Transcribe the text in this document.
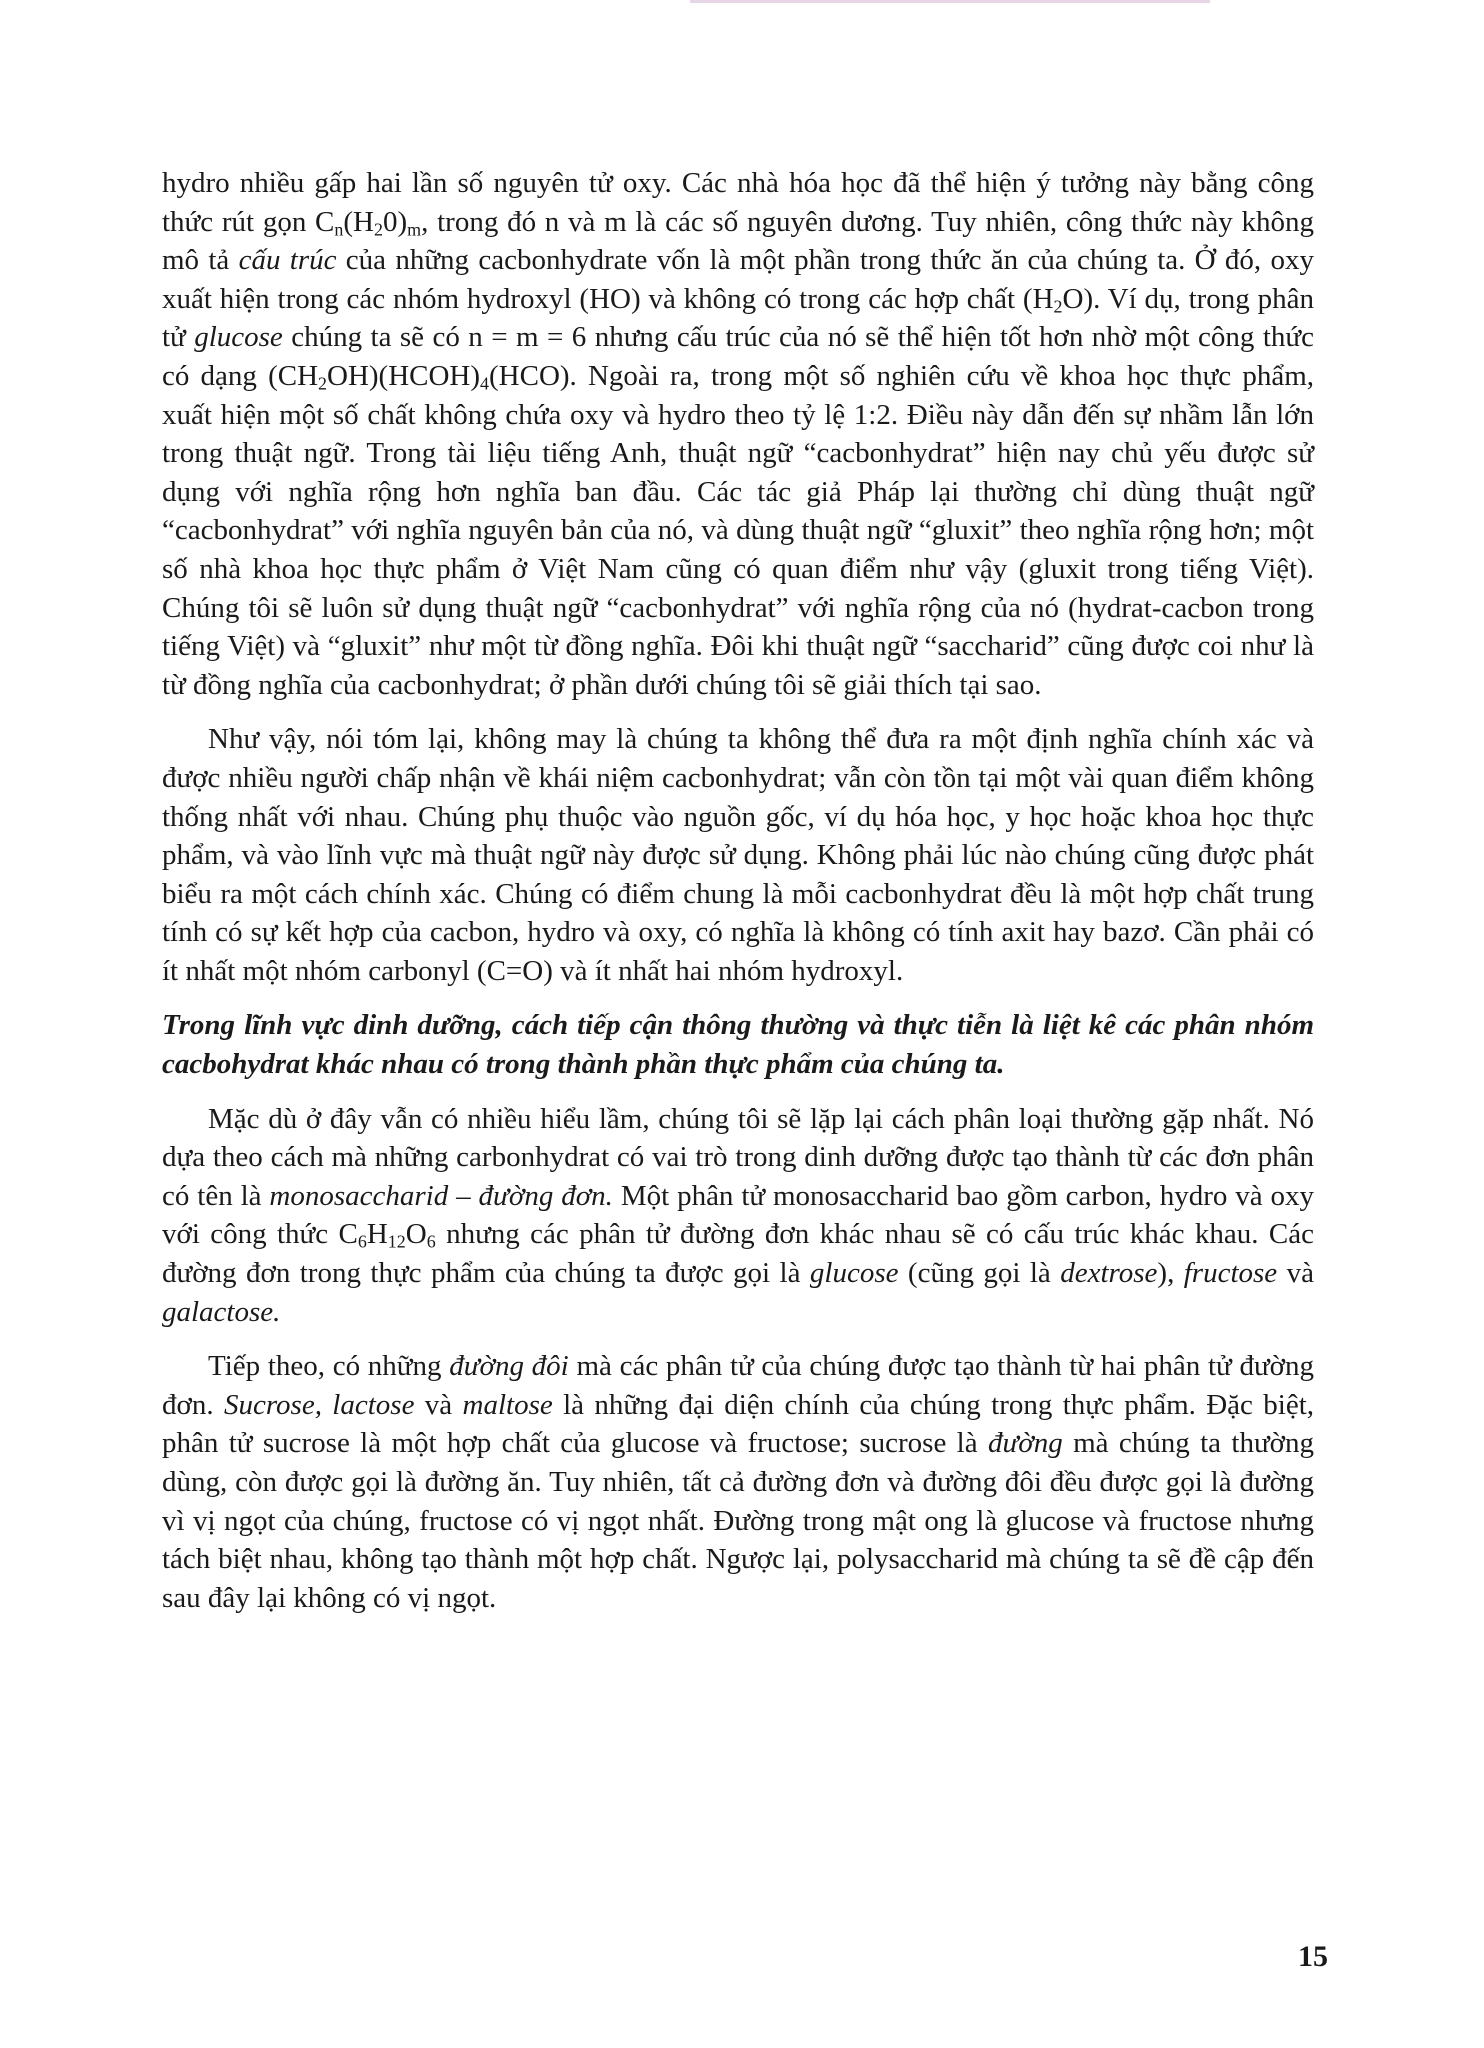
hydro nhiều gấp hai lần số nguyên tử oxy. Các nhà hóa học đã thể hiện ý tưởng này bằng công thức rút gọn $C_n(H_20)_m$, trong đó n và m là các số nguyên dương. Tuy nhiên, công thức này không mô tả cấu trúc của những cacbonhydrate vốn là một phần trong thức ăn của chúng ta. Ở đó, oxy xuất hiện trong các nhóm hydroxyl (HO) và không có trong các hợp chất $(H_2O)$. Ví dụ, trong phân tử glucose chúng ta sẽ có n = m = 6 nhưng cấu trúc của nó sẽ thể hiện tốt hơn nhờ một công thức có dạng $(CH_2OH)(HCOH)_4(HCO)$. Ngoài ra, trong một số nghiên cứu về khoa học thực phẩm, xuất hiện một số chất không chứa oxy và hydro theo tỷ lệ 1:2. Điều này dẫn đến sự nhầm lẫn lớn trong thuật ngữ. Trong tài liệu tiếng Anh, thuật ngữ “cacbonhydrat” hiện nay chủ yếu được sử dụng với nghĩa rộng hơn nghĩa ban đầu. Các tác giả Pháp lại thường chỉ dùng thuật ngữ “cacbonhydrat” với nghĩa nguyên bản của nó, và dùng thuật ngữ “gluxit” theo nghĩa rộng hơn; một số nhà khoa học thực phẩm ở Việt Nam cũng có quan điểm như vậy (gluxit trong tiếng Việt). Chúng tôi sẽ luôn sử dụng thuật ngữ “cacbonhydrat” với nghĩa rộng của nó (hydrat-cacbon trong tiếng Việt) và “gluxit” như một từ đồng nghĩa. Đôi khi thuật ngữ “saccharid” cũng được coi như là từ đồng nghĩa của cacbonhydrat; ở phần dưới chúng tôi sẽ giải thích tại sao.

Như vậy, nói tóm lại, không may là chúng ta không thể đưa ra một định nghĩa chính xác và được nhiều người chấp nhận về khái niệm cacbonhydrat; vẫn còn tồn tại một vài quan điểm không thống nhất với nhau. Chúng phụ thuộc vào nguồn gốc, ví dụ hóa học, y học hoặc khoa học thực phẩm, và vào lĩnh vực mà thuật ngữ này được sử dụng. Không phải lúc nào chúng cũng được phát biểu ra một cách chính xác. Chúng có điểm chung là mỗi cacbonhydrat đều là một hợp chất trung tính có sự kết hợp của cacbon, hydro và oxy, có nghĩa là không có tính axit hay bazơ. Cần phải có ít nhất một nhóm carbonyl (C=O) và ít nhất hai nhóm hydroxyl.

Trong lĩnh vực dinh dưỡng, cách tiếp cận thông thường và thực tiễn là liệt kê các phân nhóm cacbohydrat khác nhau có trong thành phần thực phẩm của chúng ta.

Mặc dù ở đây vẫn có nhiều hiểu lầm, chúng tôi sẽ lặp lại cách phân loại thường gặp nhất. Nó dựa theo cách mà những carbonhydrat có vai trò trong dinh dưỡng được tạo thành từ các đơn phân có tên là monosaccharid – đường đơn. Một phân tử monosaccharid bao gồm carbon, hydro và oxy với công thức $C_6H_{12}O_6$ nhưng các phân tử đường đơn khác nhau sẽ có cấu trúc khác khau. Các đường đơn trong thực phẩm của chúng ta được gọi là glucose (cũng gọi là dextrose), fructose và galactose.

Tiếp theo, có những đường đôi mà các phân tử của chúng được tạo thành từ hai phân tử đường đơn. Sucrose, lactose và maltose là những đại diện chính của chúng trong thực phẩm. Đặc biệt, phân tử sucrose là một hợp chất của glucose và fructose; sucrose là đường mà chúng ta thường dùng, còn được gọi là đường ăn. Tuy nhiên, tất cả đường đơn và đường đôi đều được gọi là đường vì vị ngọt của chúng, fructose có vị ngọt nhất. Đường trong mật ong là glucose và fructose nhưng tách biệt nhau, không tạo thành một hợp chất. Ngược lại, polysaccharid mà chúng ta sẽ đề cập đến sau đây lại không có vị ngọt.

15
